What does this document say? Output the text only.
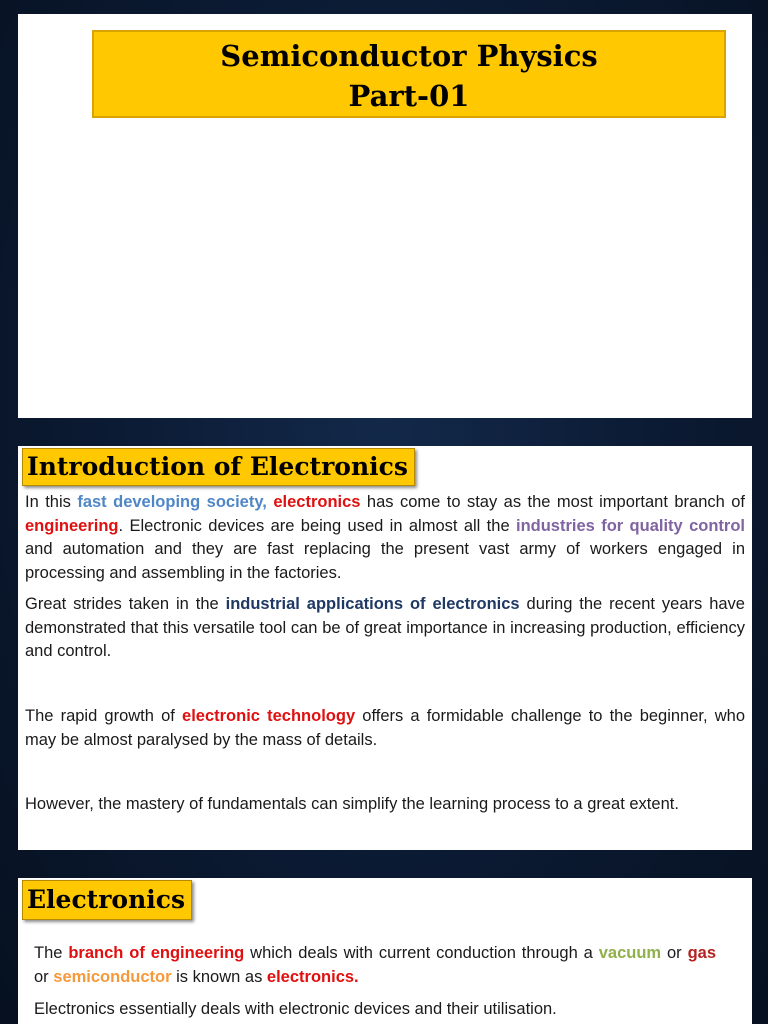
Semiconductor Physics
Part-01
Introduction of Electronics

In this fast developing society, electronics has come to stay as the most important branch of engineering. Electronic devices are being used in almost all the industries for quality control and automation and they are fast replacing the present vast army of workers engaged in processing and assembling in the factories.

Great strides taken in the industrial applications of electronics during the recent years have demonstrated that this versatile tool can be of great importance in increasing production, efficiency and control.

The rapid growth of electronic technology offers a formidable challenge to the beginner, who may be almost paralysed by the mass of details.

However, the mastery of fundamentals can simplify the learning process to a great extent.

Electronics

The branch of engineering which deals with current conduction through a vacuum or gas or semiconductor is known as electronics.

Electronics essentially deals with electronic devices and their utilisation.
